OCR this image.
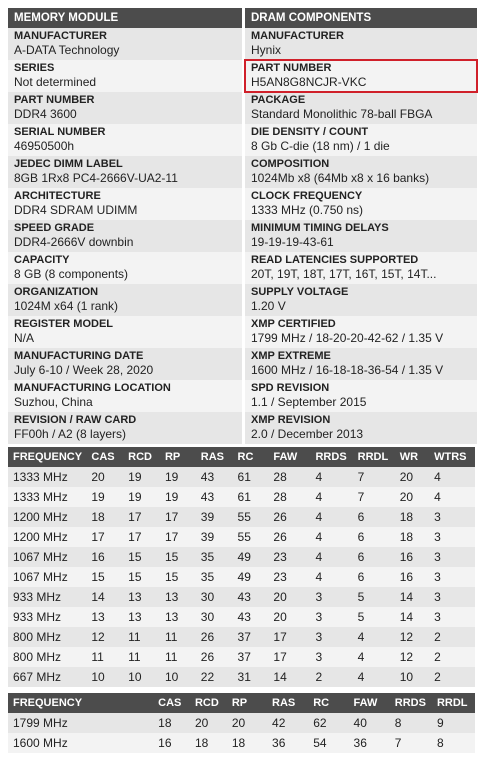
MEMORY MODULE
MANUFACTURER
A-DATA Technology
SERIES
Not determined
PART NUMBER
DDR4 3600
SERIAL NUMBER
46950500h
JEDEC DIMM LABEL
8GB 1Rx8 PC4-2666V-UA2-11
ARCHITECTURE
DDR4 SDRAM UDIMM
SPEED GRADE
DDR4-2666V downbin
CAPACITY
8 GB (8 components)
ORGANIZATION
1024M x64 (1 rank)
REGISTER MODEL
N/A
MANUFACTURING DATE
July 6-10 / Week 28, 2020
MANUFACTURING LOCATION
Suzhou, China
REVISION / RAW CARD
FF00h / A2 (8 layers)
DRAM COMPONENTS
MANUFACTURER
Hynix
PART NUMBER
H5AN8G8NCJR-VKC
PACKAGE
Standard Monolithic 78-ball FBGA
DIE DENSITY / COUNT
8 Gb C-die (18 nm) / 1 die
COMPOSITION
1024Mb x8 (64Mb x8 x 16 banks)
CLOCK FREQUENCY
1333 MHz (0.750 ns)
MINIMUM TIMING DELAYS
19-19-19-43-61
READ LATENCIES SUPPORTED
20T, 19T, 18T, 17T, 16T, 15T, 14T...
SUPPLY VOLTAGE
1.20 V
XMP CERTIFIED
1799 MHz / 18-20-20-42-62 / 1.35 V
XMP EXTREME
1600 MHz / 16-18-18-36-54 / 1.35 V
SPD REVISION
1.1 / September 2015
XMP REVISION
2.0 / December 2013
FREQUENCY	CAS	RCD	RP	RAS	RC	FAW	RRDS	RRDL	WR	WTRS
1333 MHz	20	19	19	43	61	28	4	7	20	4
1333 MHz	19	19	19	43	61	28	4	7	20	4
1200 MHz	18	17	17	39	55	26	4	6	18	3
1200 MHz	17	17	17	39	55	26	4	6	18	3
1067 MHz	16	15	15	35	49	23	4	6	16	3
1067 MHz	15	15	15	35	49	23	4	6	16	3
933 MHz	14	13	13	30	43	20	3	5	14	3
933 MHz	13	13	13	30	43	20	3	5	14	3
800 MHz	12	11	11	26	37	17	3	4	12	2
800 MHz	11	11	11	26	37	17	3	4	12	2
667 MHz	10	10	10	22	31	14	2	4	10	2
FREQUENCY	CAS	RCD	RP	RAS	RC	FAW	RRDS	RRDL
1799 MHz	18	20	20	42	62	40	8	9
1600 MHz	16	18	18	36	54	36	7	8
